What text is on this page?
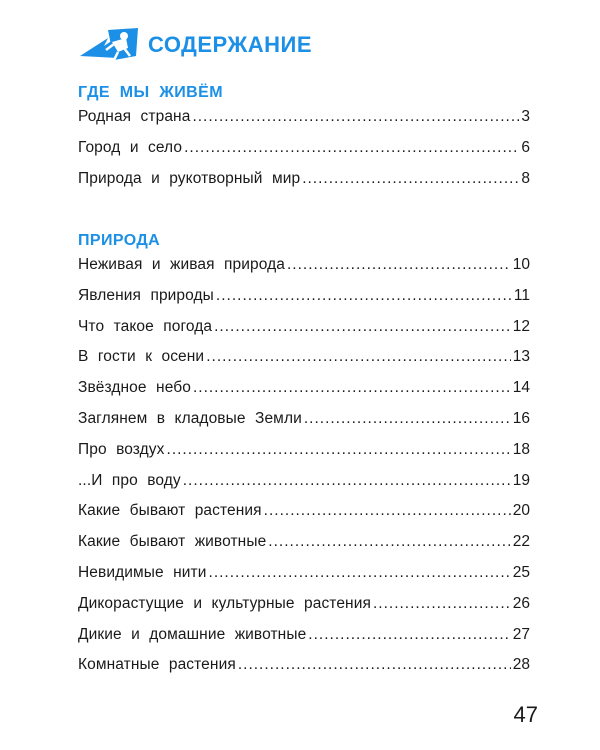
СОДЕРЖАНИЕ
ГДЕ МЫ ЖИВЁМ
Родная страна .....	3
Город и село .....	6
Природа и рукотворный мир .....	8
ПРИРОДА
Неживая и живая природа .....	10
Явления природы .....	11
Что такое погода .....	12
В гости к осени .....	13
Звёздное небо .....	14
Заглянем в кладовые Земли .....	16
Про воздух .....	18
...И про воду .....	19
Какие бывают растения .....	20
Какие бывают животные .....	22
Невидимые нити .....	25
Дикорастущие и культурные растения .....	26
Дикие и домашние животные .....	27
Комнатные растения .....	28
47
